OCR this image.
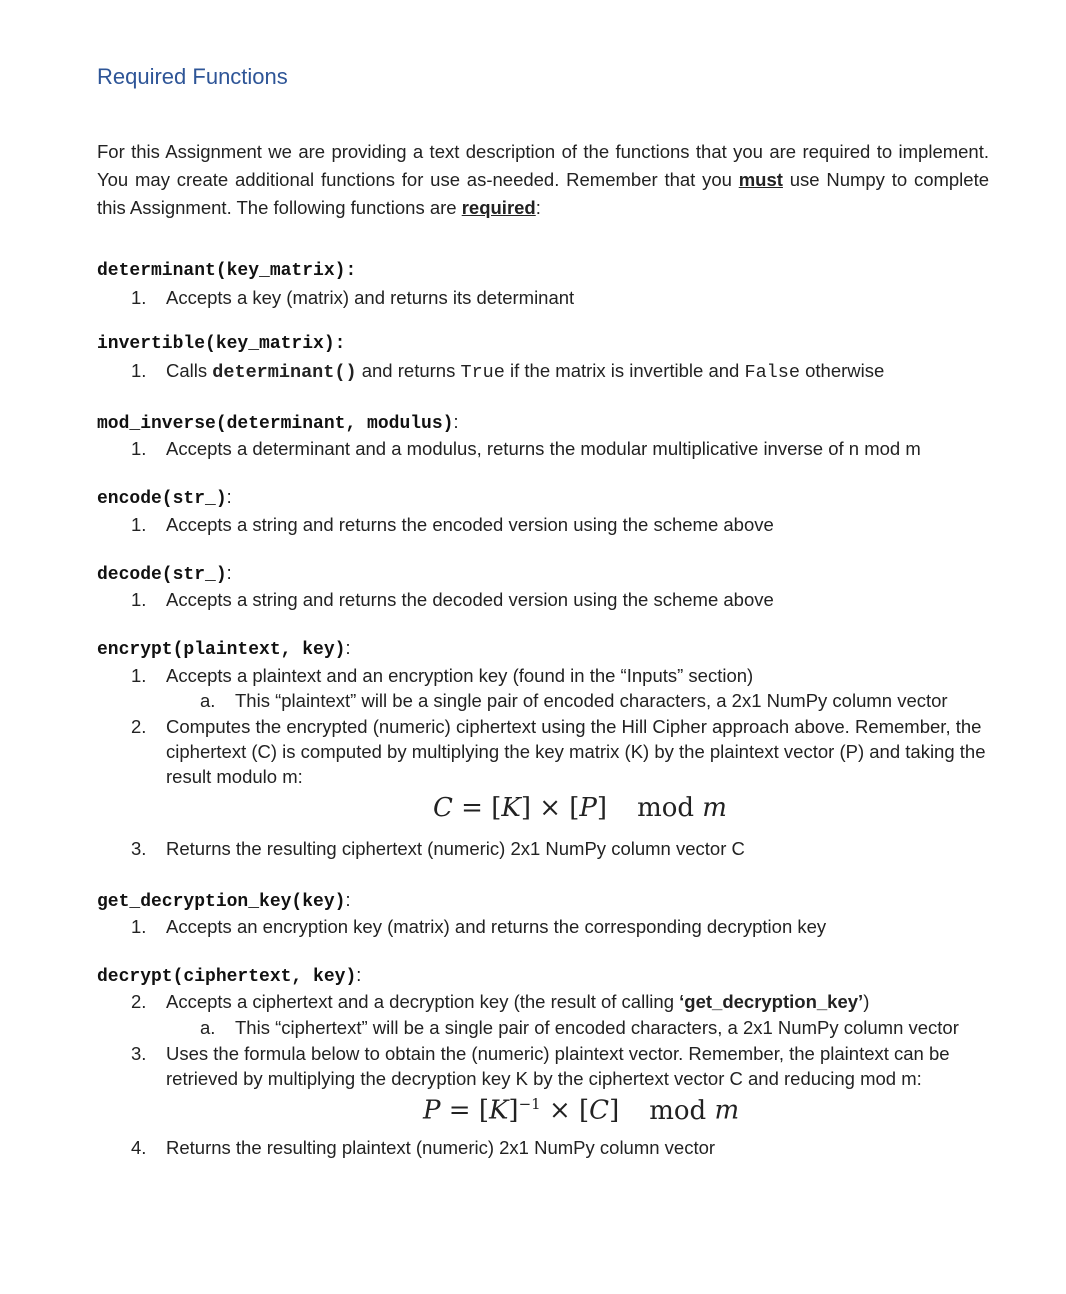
Required Functions
For this Assignment we are providing a text description of the functions that you are required to implement. You may create additional functions for use as-needed. Remember that you must use Numpy to complete this Assignment. The following functions are required:
determinant(key_matrix):
1.	Accepts a key (matrix) and returns its determinant
invertible(key_matrix):
1.	Calls determinant() and returns True if the matrix is invertible and False otherwise
mod_inverse(determinant, modulus):
1.	Accepts a determinant and a modulus, returns the modular multiplicative inverse of n mod m
encode(str_):
1.	Accepts a string and returns the encoded version using the scheme above
decode(str_):
1.	Accepts a string and returns the decoded version using the scheme above
encrypt(plaintext, key):
1.	Accepts a plaintext and an encryption key (found in the “Inputs” section)
a.	This “plaintext” will be a single pair of encoded characters, a 2x1 NumPy column vector
2.	Computes the encrypted (numeric) ciphertext using the Hill Cipher approach above. Remember, the ciphertext (C) is computed by multiplying the key matrix (K) by the plaintext vector (P) and taking the result modulo m:
C = [K] × [P] mod m
3.	Returns the resulting ciphertext (numeric) 2x1 NumPy column vector C
get_decryption_key(key):
1.	Accepts an encryption key (matrix) and returns the corresponding decryption key
decrypt(ciphertext, key):
2.	Accepts a ciphertext and a decryption key (the result of calling ‘get_decryption_key’)
a.	This “ciphertext” will be a single pair of encoded characters, a 2x1 NumPy column vector
3.	Uses the formula below to obtain the (numeric) plaintext vector. Remember, the plaintext can be retrieved by multiplying the decryption key K by the ciphertext vector C and reducing mod m:
$P = [K]^{-1} \times [C]$ mod m
4.	Returns the resulting plaintext (numeric) 2x1 NumPy column vector
